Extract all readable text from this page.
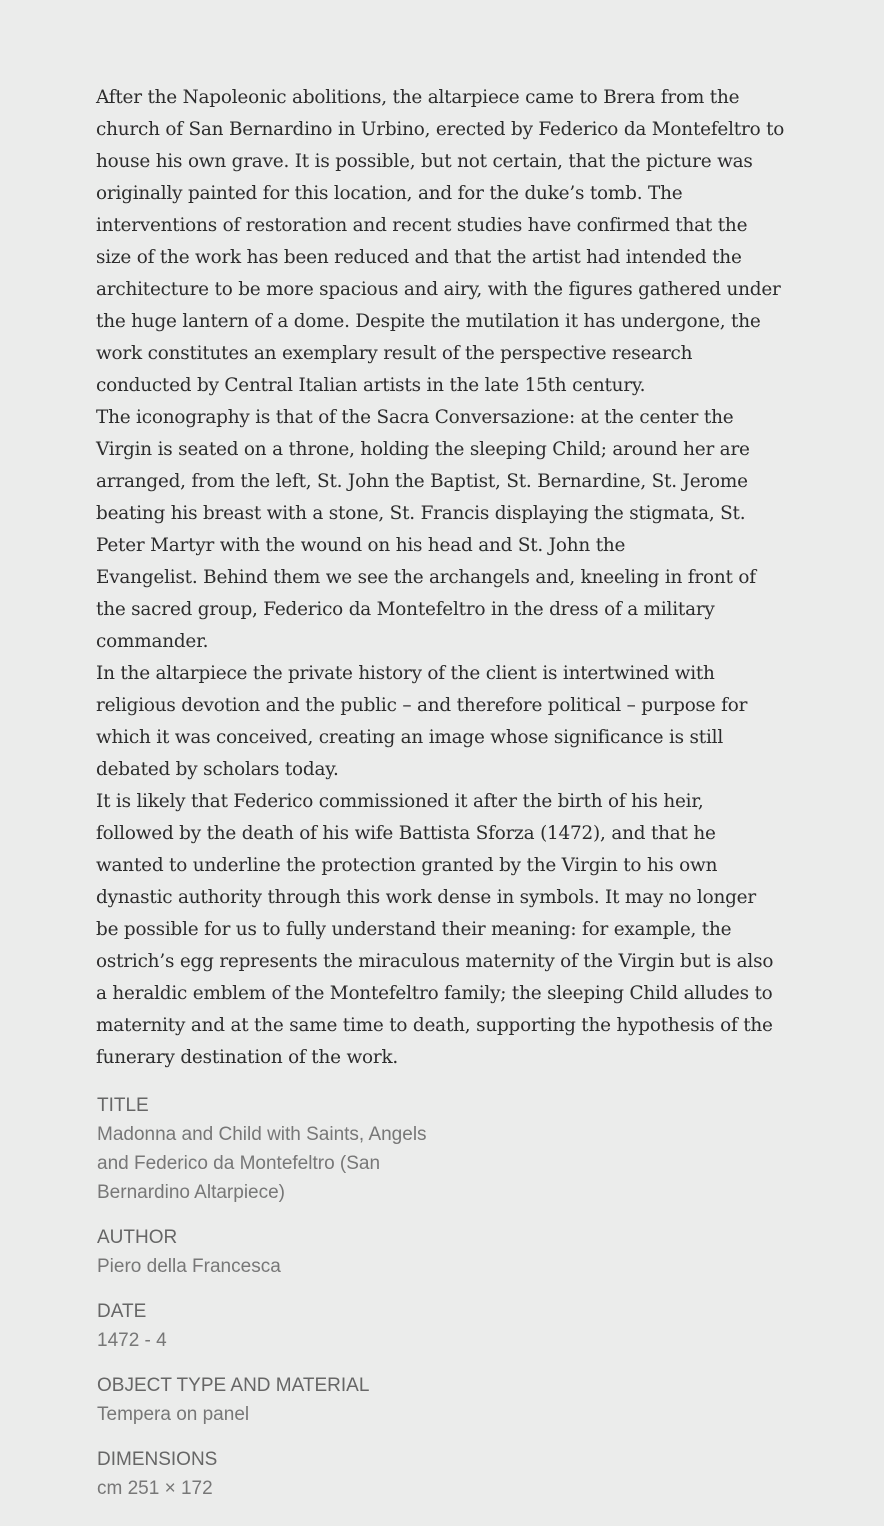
After the Napoleonic abolitions, the altarpiece came to Brera from the
church of San Bernardino in Urbino, erected by Federico da Montefeltro to
house his own grave. It is possible, but not certain, that the picture was
originally painted for this location, and for the duke’s tomb. The
interventions of restoration and recent studies have confirmed that the
size of the work has been reduced and that the artist had intended the
architecture to be more spacious and airy, with the figures gathered under
the huge lantern of a dome. Despite the mutilation it has undergone, the
work constitutes an exemplary result of the perspective research
conducted by Central Italian artists in the late 15th century.

The iconography is that of the Sacra Conversazione: at the center the
Virgin is seated on a throne, holding the sleeping Child; around her are
arranged, from the left, St. John the Baptist, St. Bernardine, St. Jerome
beating his breast with a stone, St. Francis displaying the stigmata, St.
Peter Martyr with the wound on his head and St. John the
Evangelist. Behind them we see the archangels and, kneeling in front of
the sacred group, Federico da Montefeltro in the dress of a military
commander.

In the altarpiece the private history of the client is intertwined with
religious devotion and the public – and therefore political – purpose for
which it was conceived, creating an image whose significance is still
debated by scholars today.

It is likely that Federico commissioned it after the birth of his heir,
followed by the death of his wife Battista Sforza (1472), and that he
wanted to underline the protection granted by the Virgin to his own
dynastic authority through this work dense in symbols. It may no longer
be possible for us to fully understand their meaning: for example, the
ostrich’s egg represents the miraculous maternity of the Virgin but is also
a heraldic emblem of the Montefeltro family; the sleeping Child alludes to
maternity and at the same time to death, supporting the hypothesis of the
funerary destination of the work.

TITLE
Madonna and Child with Saints, Angels
and Federico da Montefeltro (San
Bernardino Altarpiece)
AUTHOR
Piero della Francesca
DATE
1472 - 4
OBJECT TYPE AND MATERIAL
Tempera on panel
DIMENSIONS
cm 251 × 172
